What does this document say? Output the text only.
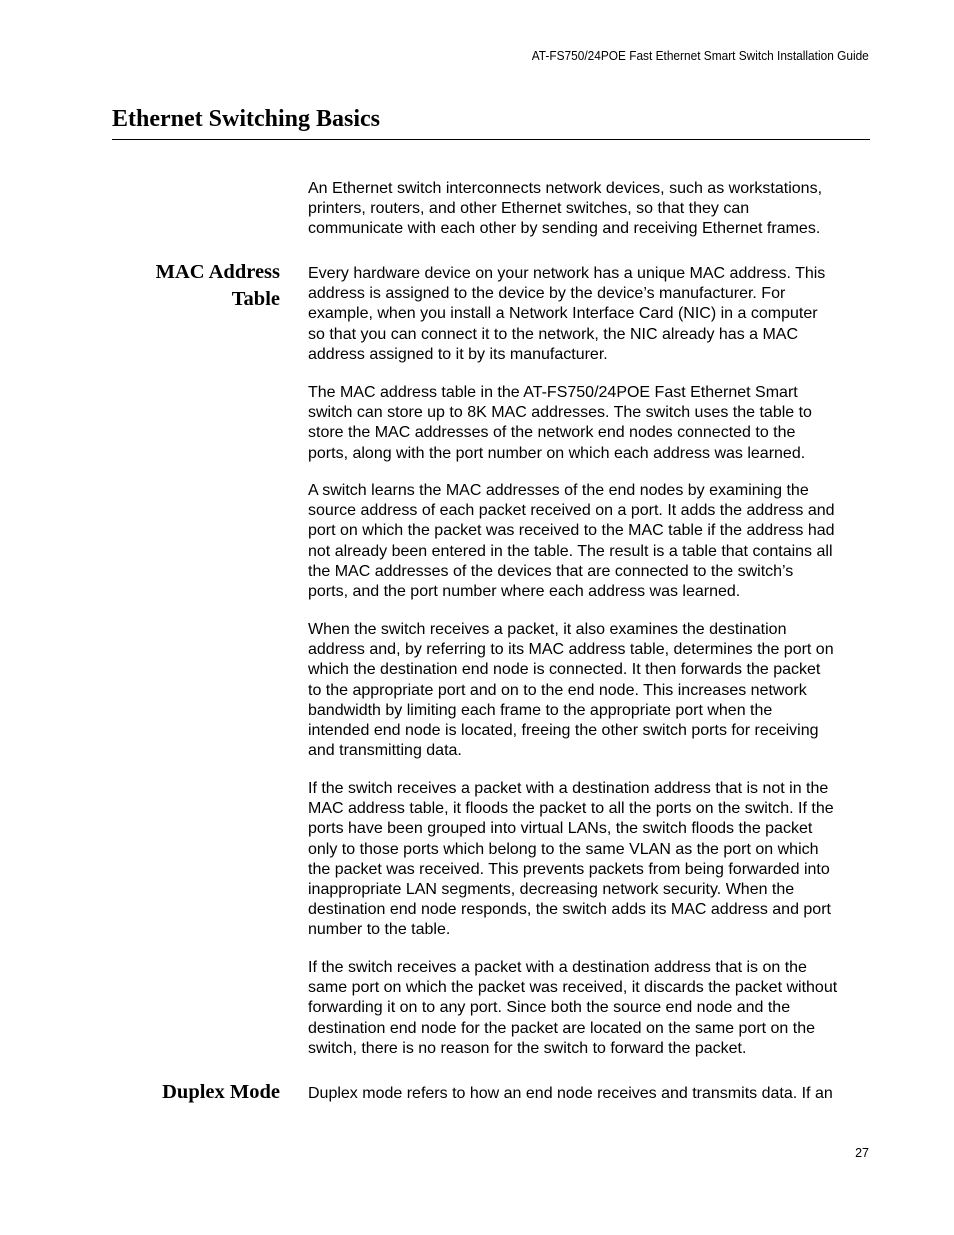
AT-FS750/24POE Fast Ethernet Smart Switch Installation Guide
Ethernet Switching Basics

An Ethernet switch interconnects network devices, such as workstations,
printers, routers, and other Ethernet switches, so that they can
communicate with each other by sending and receiving Ethernet frames.

MAC Address
Table

Every hardware device on your network has a unique MAC address. This
address is assigned to the device by the device’s manufacturer. For
example, when you install a Network Interface Card (NIC) in a computer
so that you can connect it to the network, the NIC already has a MAC
address assigned to it by its manufacturer.

The MAC address table in the AT-FS750/24POE Fast Ethernet Smart
switch can store up to 8K MAC addresses. The switch uses the table to
store the MAC addresses of the network end nodes connected to the
ports, along with the port number on which each address was learned.

A switch learns the MAC addresses of the end nodes by examining the
source address of each packet received on a port. It adds the address and
port on which the packet was received to the MAC table if the address had
not already been entered in the table. The result is a table that contains all
the MAC addresses of the devices that are connected to the switch’s
ports, and the port number where each address was learned.

When the switch receives a packet, it also examines the destination
address and, by referring to its MAC address table, determines the port on
which the destination end node is connected. It then forwards the packet
to the appropriate port and on to the end node. This increases network
bandwidth by limiting each frame to the appropriate port when the
intended end node is located, freeing the other switch ports for receiving
and transmitting data.

If the switch receives a packet with a destination address that is not in the
MAC address table, it floods the packet to all the ports on the switch. If the
ports have been grouped into virtual LANs, the switch floods the packet
only to those ports which belong to the same VLAN as the port on which
the packet was received. This prevents packets from being forwarded into
inappropriate LAN segments, decreasing network security. When the
destination end node responds, the switch adds its MAC address and port
number to the table.

If the switch receives a packet with a destination address that is on the
same port on which the packet was received, it discards the packet without
forwarding it on to any port. Since both the source end node and the
destination end node for the packet are located on the same port on the
switch, there is no reason for the switch to forward the packet.

Duplex Mode Duplex mode refers to how an end node receives and transmits data. If an

27
